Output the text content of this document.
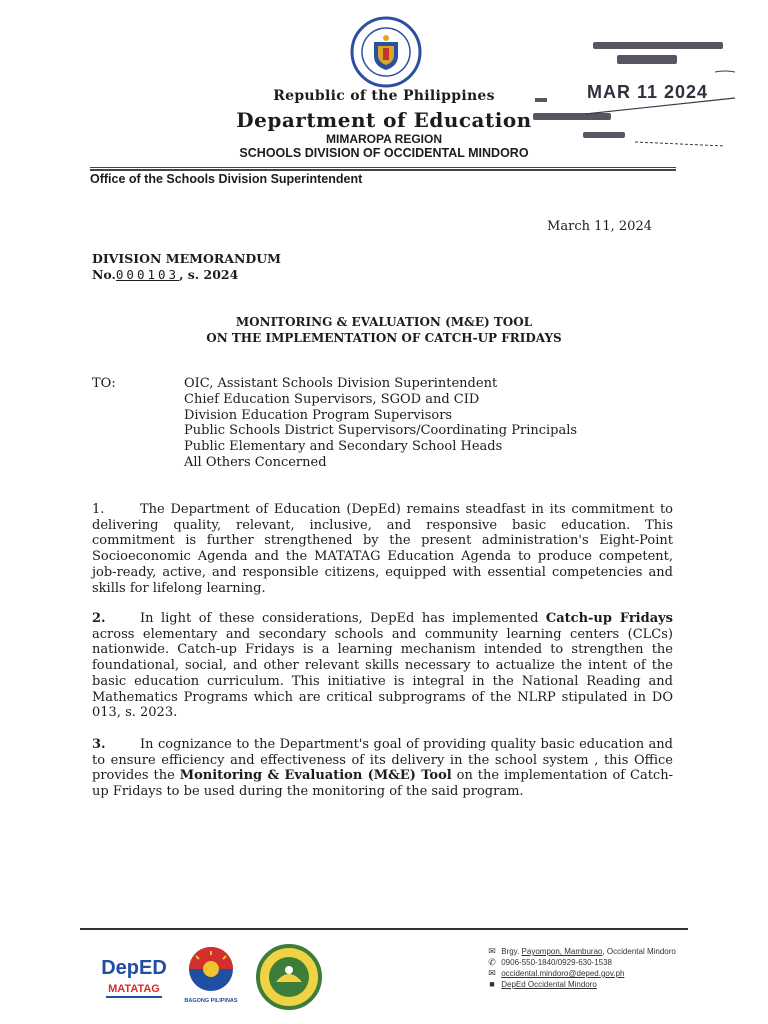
Republic of the Philippines
Department of Education
MIMAROPA REGION
SCHOOLS DIVISION OF OCCIDENTAL MINDORO
Office of the Schools Division Superintendent
MAR 11 2024
March 11, 2024
DIVISION MEMORANDUM
No.000103, s. 2024
MONITORING & EVALUATION (M&E) TOOL
ON THE IMPLEMENTATION OF CATCH-UP FRIDAYS
TO:	OIC, Assistant Schools Division Superintendent
Chief Education Supervisors, SGOD and CID
Division Education Program Supervisors
Public Schools District Supervisors/Coordinating Principals
Public Elementary and Secondary School Heads
All Others Concerned

1.	The Department of Education (DepEd) remains steadfast in its commitment to delivering quality, relevant, inclusive, and responsive basic education. This commitment is further strengthened by the present administration's Eight-Point Socioeconomic Agenda and the MATATAG Education Agenda to produce competent, job-ready, active, and responsible citizens, equipped with essential competencies and skills for lifelong learning.

2.	In light of these considerations, DepEd has implemented Catch-up Fridays across elementary and secondary schools and community learning centers (CLCs) nationwide. Catch-up Fridays is a learning mechanism intended to strengthen the foundational, social, and other relevant skills necessary to actualize the intent of the basic education curriculum. This initiative is integral in the National Reading and Mathematics Programs which are critical subprograms of the NLRP stipulated in DO 013, s. 2023.

3.	In cognizance to the Department's goal of providing quality basic education and to ensure efficiency and effectiveness of its delivery in the school system , this Office provides the Monitoring & Evaluation (M&E) Tool on the implementation of Catch-up Fridays to be used during the monitoring of the said program.

DepED
MATATAG
BAGONG PILIPINAS
✉ Brgy. Payompon, Mamburao, Occidental Mindoro
✆ 0906-550-1840/0929-630-1538
✉ occidental.mindoro@deped.gov.ph
■ DepEd Occidental Mindoro
